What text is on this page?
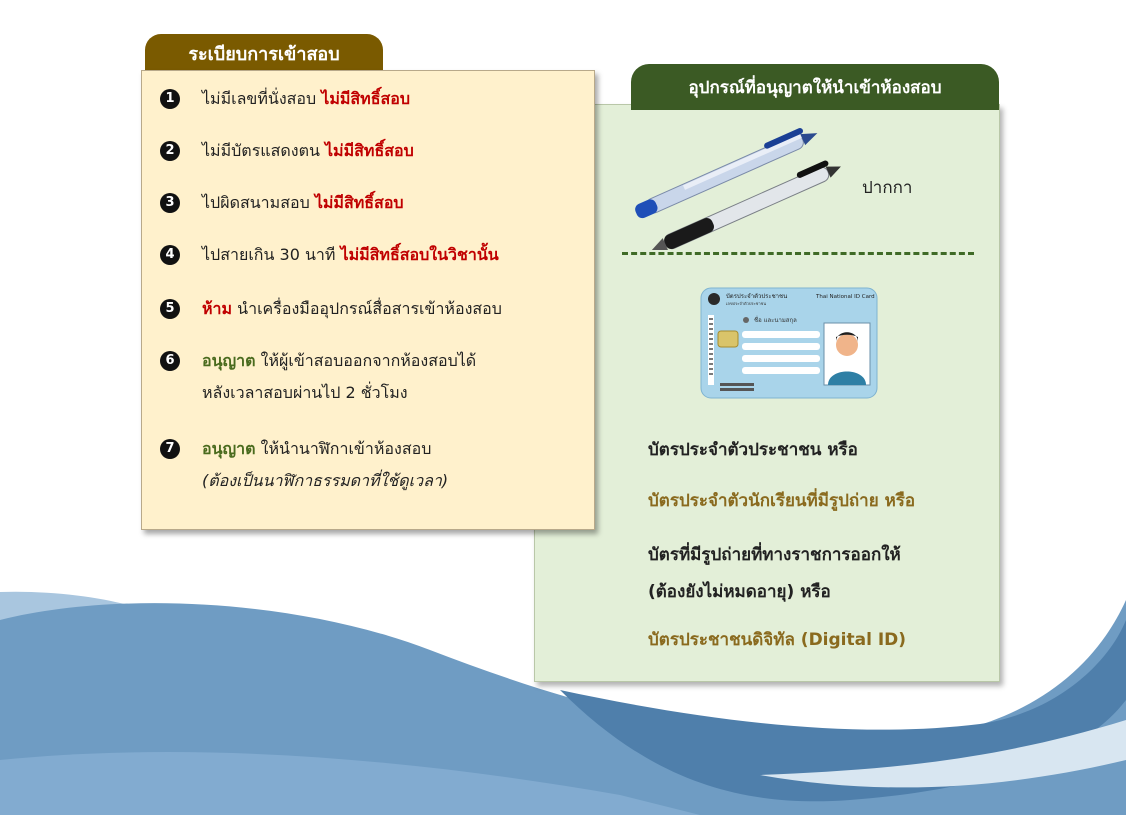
ระเบียบการเข้าสอบ
1	ไม่มีเลขที่นั่งสอบ ไม่มีสิทธิ์สอบ
2	ไม่มีบัตรแสดงตน ไม่มีสิทธิ์สอบ
3	ไปผิดสนามสอบ ไม่มีสิทธิ์สอบ
4	ไปสายเกิน 30 นาที ไม่มีสิทธิ์สอบในวิชานั้น
5	ห้าม นำเครื่องมืออุปกรณ์สื่อสารเข้าห้องสอบ
6	อนุญาต ให้ผู้เข้าสอบออกจากห้องสอบได้
หลังเวลาสอบผ่านไป 2 ชั่วโมง
7	อนุญาต ให้นำนาฬิกาเข้าห้องสอบ
(ต้องเป็นนาฬิกาธรรมดาที่ใช้ดูเวลา)
อุปกรณ์ที่อนุญาตให้นำเข้าห้องสอบ
ปากกา
บัตรประจำตัวประชาชน	Thai National ID Card
เลขประจำตัวประชาชน
ชื่อ และนามสกุล
บัตรประจำตัวประชาชน หรือ
บัตรประจำตัวนักเรียนที่มีรูปถ่าย หรือ
บัตรที่มีรูปถ่ายที่ทางราชการออกให้
(ต้องยังไม่หมดอายุ) หรือ
บัตรประชาชนดิจิทัล (Digital ID)
